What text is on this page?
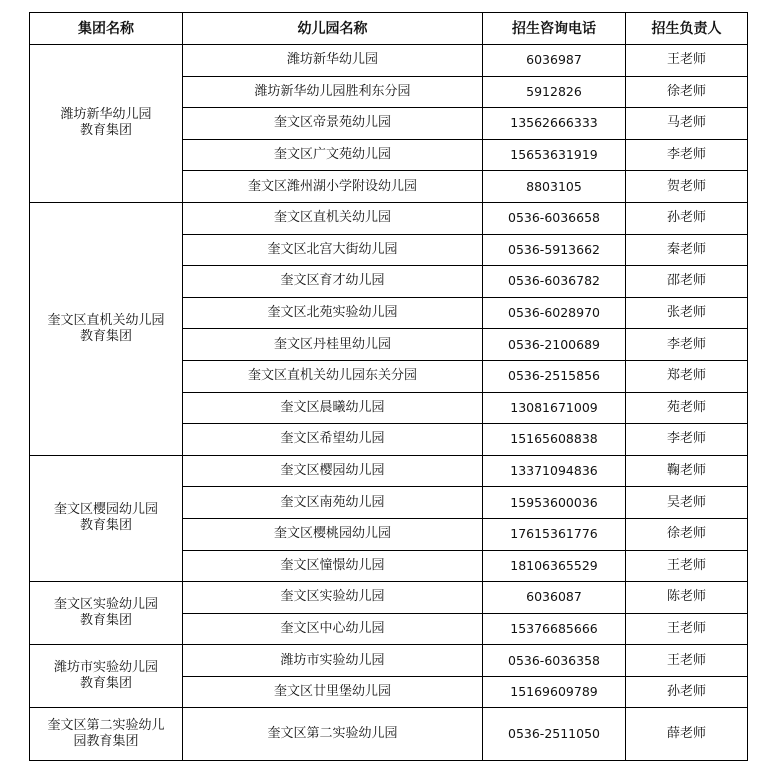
集团名称	幼儿园名称	招生咨询电话	招生负责人

潍坊新华幼儿园
教育集团	潍坊新华幼儿园	6036987	王老师
	潍坊新华幼儿园胜利东分园	5912826	徐老师
	奎文区帝景苑幼儿园	13562666333	马老师
	奎文区广文苑幼儿园	15653631919	李老师
	奎文区潍州湖小学附设幼儿园	8803105	贺老师

奎文区直机关幼儿园
教育集团	奎文区直机关幼儿园	0536-6036658	孙老师
	奎文区北宫大街幼儿园	0536-5913662	秦老师
	奎文区育才幼儿园	0536-6036782	邵老师
	奎文区北苑实验幼儿园	0536-6028970	张老师
	奎文区丹桂里幼儿园	0536-2100689	李老师
	奎文区直机关幼儿园东关分园	0536-2515856	郑老师
	奎文区晨曦幼儿园	13081671009	苑老师
	奎文区希望幼儿园	15165608838	李老师

奎文区樱园幼儿园
教育集团	奎文区樱园幼儿园	13371094836	鞠老师
	奎文区南苑幼儿园	15953600036	吴老师
	奎文区樱桃园幼儿园	17615361776	徐老师
	奎文区憧憬幼儿园	18106365529	王老师

奎文区实验幼儿园
教育集团	奎文区实验幼儿园	6036087	陈老师
	奎文区中心幼儿园	15376685666	王老师

潍坊市实验幼儿园
教育集团	潍坊市实验幼儿园	0536-6036358	王老师
	奎文区廿里堡幼儿园	15169609789	孙老师

奎文区第二实验幼儿
园教育集团	奎文区第二实验幼儿园	0536-2511050	薛老师
